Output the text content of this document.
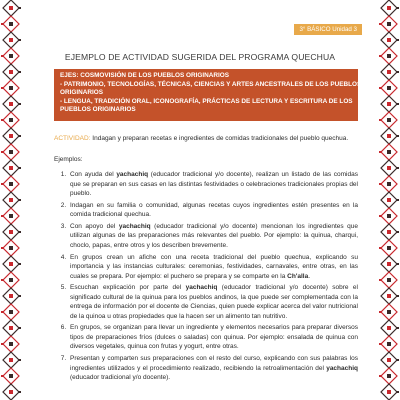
3° BÁSICO Unidad 3
EJEMPLO DE ACTIVIDAD SUGERIDA DEL PROGRAMA QUECHUA
EJES: COSMOVISIÓN DE LOS PUEBLOS ORIGINARIOS
- PATRIMONIO, TECNOLOGÍAS, TÉCNICAS, CIENCIAS Y ARTES ANCESTRALES DE LOS PUEBLOS
ORIGINARIOS
- LENGUA, TRADICIÓN ORAL, ICONOGRAFÍA, PRÁCTICAS DE LECTURA Y ESCRITURA DE LOS
PUEBLOS ORIGINARIOS
ACTIVIDAD: Indagan y preparan recetas e ingredientes de comidas tradicionales del pueblo quechua.
Ejemplos:
1. Con ayuda del yachachiq (educador tradicional y/o docente), realizan un listado de las comidas que se preparan en sus casas en las distintas festividades o celebraciones tradicionales propias del pueblo.
2. Indagan en su familia o comunidad, algunas recetas cuyos ingredientes estén presentes en la comida tradicional quechua.
3. Con apoyo del yachachiq (educador tradicional y/o docente) mencionan los ingredientes que utilizan algunas de las preparaciones más relevantes del pueblo. Por ejemplo: la quinua, charqui, choclo, papas, entre otros y los describen brevemente.
4. En grupos crean un afiche con una receta tradicional del pueblo quechua, explicando su importancia y las instancias culturales: ceremonias, festividades, carnavales, entre otras, en las cuales se prepara. Por ejemplo: el puchero se prepara y se comparte en la Ch'alla.
5. Escuchan explicación por parte del yachachiq (educador tradicional y/o docente) sobre el significado cultural de la quinua para los pueblos andinos, la que puede ser complementada con la entrega de información por el docente de Ciencias, quien puede explicar acerca del valor nutricional de la quinoa u otras propiedades que la hacen ser un alimento tan nutritivo.
6. En grupos, se organizan para llevar un ingrediente y elementos necesarios para preparar diversos tipos de preparaciones fríos (dulces o saladas) con quinua. Por ejemplo: ensalada de quinua con diversos vegetales, quinua con frutas y yogurt, entre otras.
7. Presentan y comparten sus preparaciones con el resto del curso, explicando con sus palabras los ingredientes utilizados y el procedimiento realizado, recibiendo la retroalimentación del yachachiq (educador tradicional y/o docente).
